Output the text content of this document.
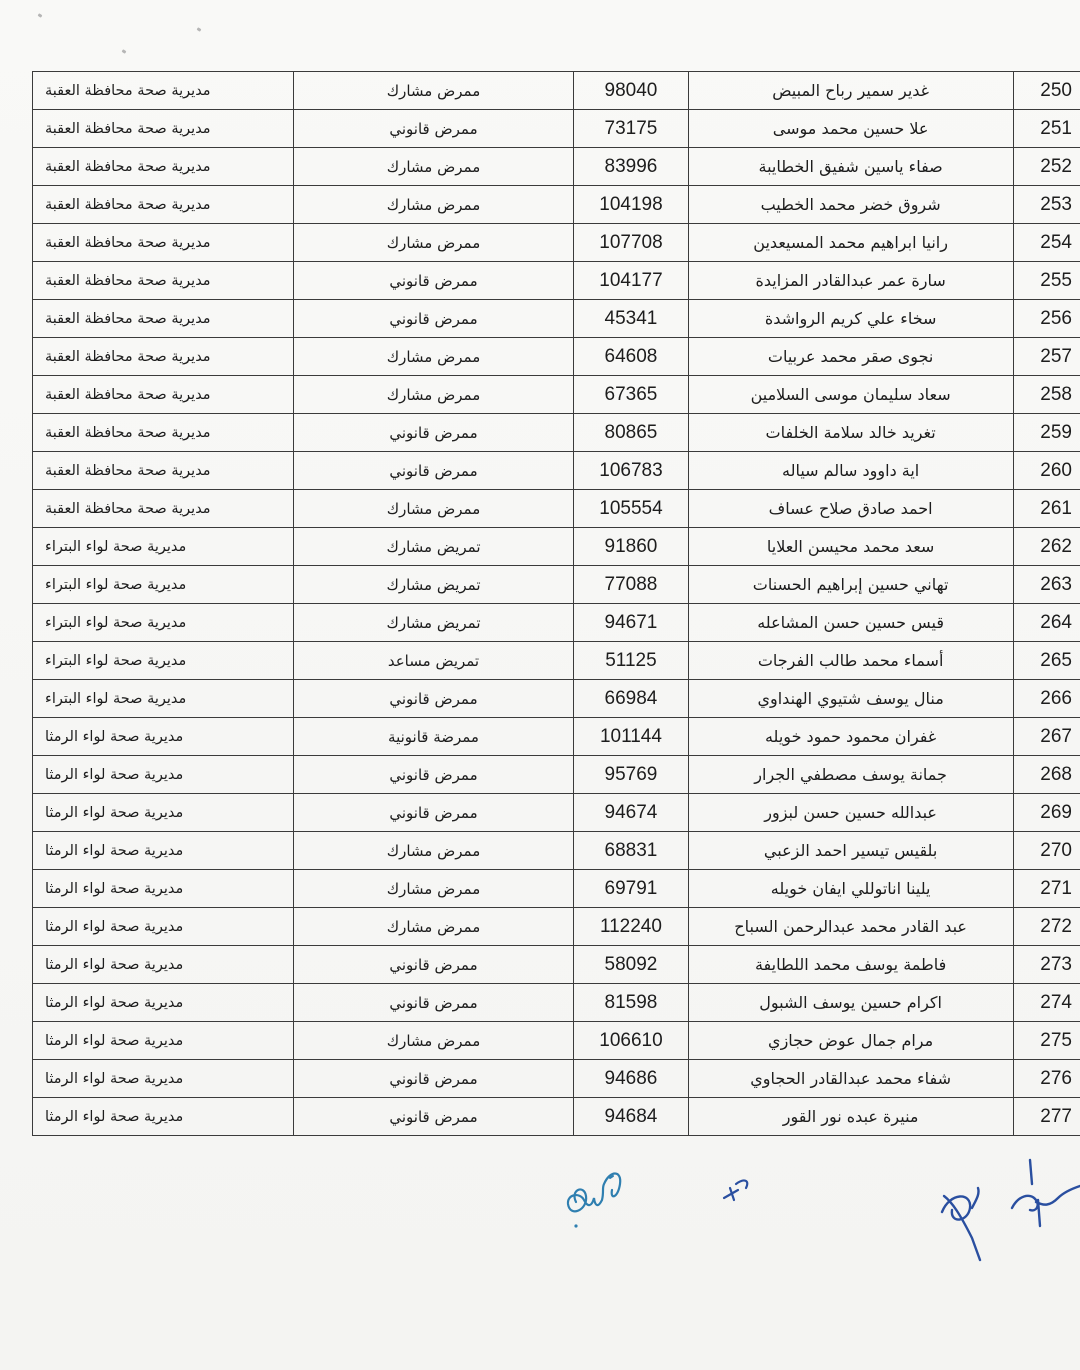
250	غدير سمير رباح المبيض	98040	ممرض مشارك	مديرية صحة محافظة العقبة
251	علا حسين محمد موسى	73175	ممرض قانوني	مديرية صحة محافظة العقبة
252	صفاء ياسين شفيق الخطايبة	83996	ممرض مشارك	مديرية صحة محافظة العقبة
253	شروق خضر محمد الخطيب	104198	ممرض مشارك	مديرية صحة محافظة العقبة
254	رانيا ابراهيم محمد المسيعدين	107708	ممرض مشارك	مديرية صحة محافظة العقبة
255	سارة عمر عبدالقادر المزايدة	104177	ممرض قانوني	مديرية صحة محافظة العقبة
256	سخاء علي كريم الرواشدة	45341	ممرض قانوني	مديرية صحة محافظة العقبة
257	نجوى صقر محمد عربيات	64608	ممرض مشارك	مديرية صحة محافظة العقبة
258	سعاد سليمان موسى السلامين	67365	ممرض مشارك	مديرية صحة محافظة العقبة
259	تغريد خالد سلامة الخلفات	80865	ممرض قانوني	مديرية صحة محافظة العقبة
260	اية داوود سالم سياله	106783	ممرض قانوني	مديرية صحة محافظة العقبة
261	احمد صادق صلاح عساف	105554	ممرض مشارك	مديرية صحة محافظة العقبة
262	سعد محمد محيسن العلايا	91860	تمريض مشارك	مديرية صحة لواء البتراء
263	تهاني حسين إبراهيم الحسنات	77088	تمريض مشارك	مديرية صحة لواء البتراء
264	قيس حسين حسن المشاعله	94671	تمريض مشارك	مديرية صحة لواء البتراء
265	أسماء محمد طالب الفرجات	51125	تمريض مساعد	مديرية صحة لواء البتراء
266	منال يوسف شتيوي الهنداوي	66984	ممرض قانوني	مديرية صحة لواء البتراء
267	غفران محمود حمود خويله	101144	ممرضة قانونية	مديرية صحة لواء الرمثا
268	جمانة يوسف مصطفي الجرار	95769	ممرض قانوني	مديرية صحة لواء الرمثا
269	عبدالله حسين حسن لبزور	94674	ممرض قانوني	مديرية صحة لواء الرمثا
270	بلقيس تيسير احمد الزعبي	68831	ممرض مشارك	مديرية صحة لواء الرمثا
271	يلينا اناتوللي ايفان خويله	69791	ممرض مشارك	مديرية صحة لواء الرمثا
272	عبد القادر محمد عبدالرحمن السباح	112240	ممرض مشارك	مديرية صحة لواء الرمثا
273	فاطمة يوسف محمد اللطايفة	58092	ممرض قانوني	مديرية صحة لواء الرمثا
274	اكرام حسين يوسف الشبول	81598	ممرض قانوني	مديرية صحة لواء الرمثا
275	مرام جمال عوض حجازي	106610	ممرض مشارك	مديرية صحة لواء الرمثا
276	شفاء محمد عبدالقادر الحجاوي	94686	ممرض قانوني	مديرية صحة لواء الرمثا
277	منيرة عبده نور القور	94684	ممرض قانوني	مديرية صحة لواء الرمثا
